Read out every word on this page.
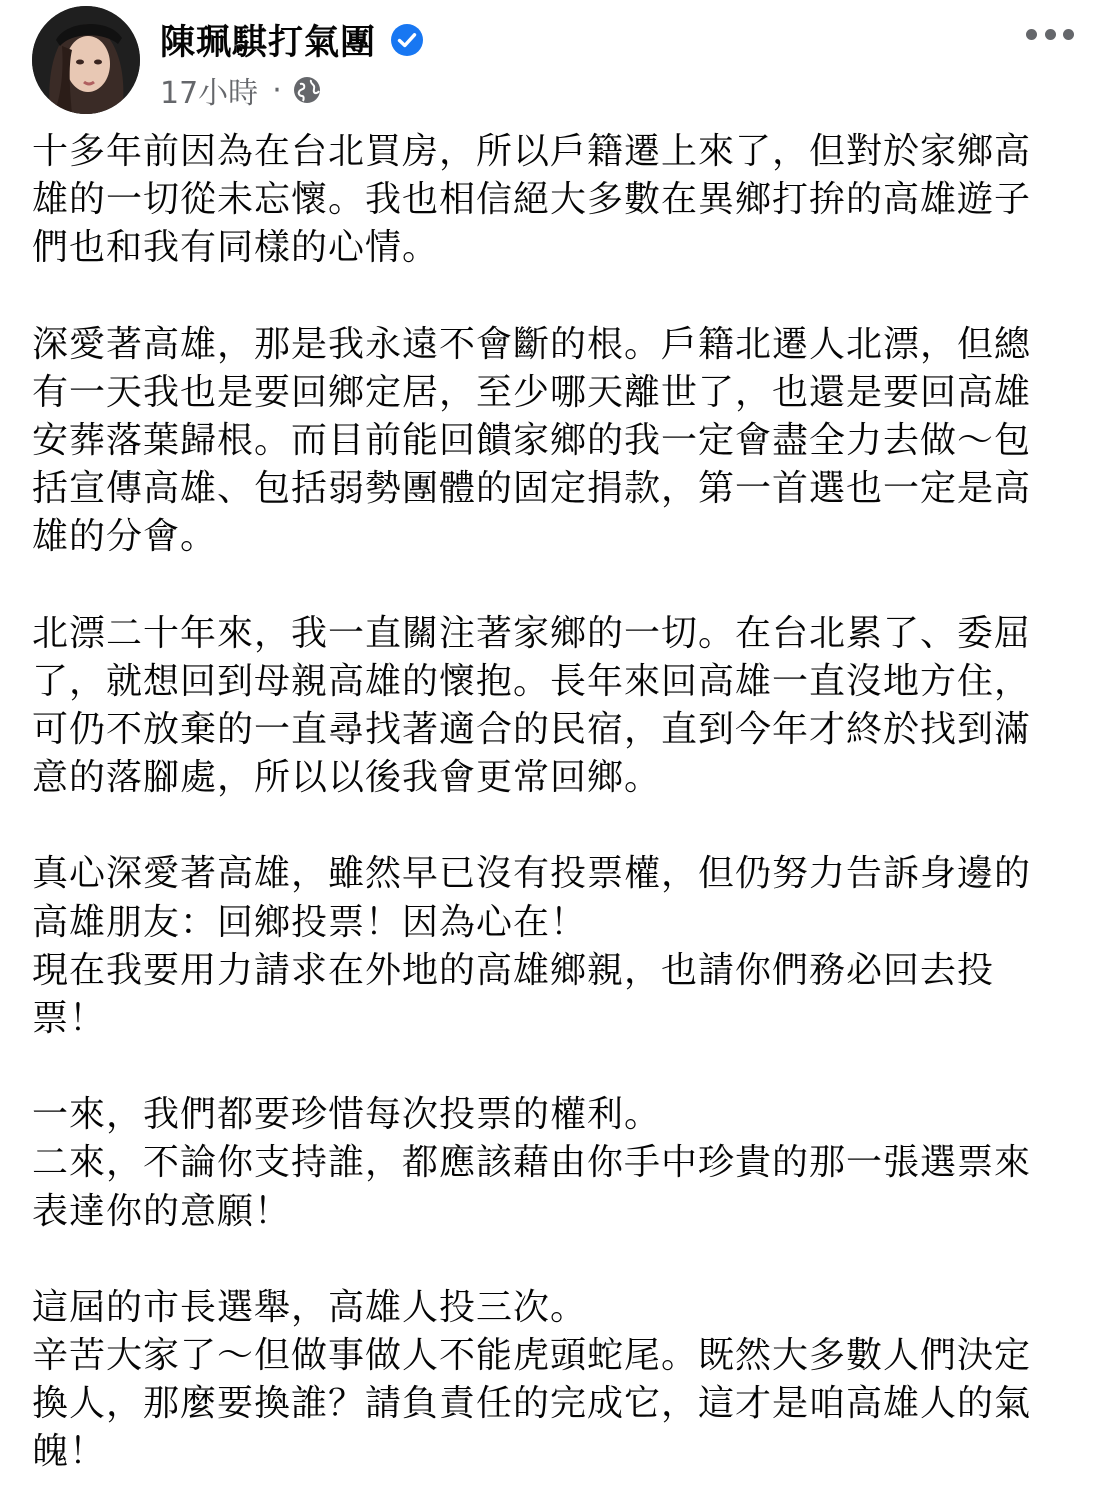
陳珮騏打氣團
17小時 ·
十多年前因為在台北買房，所以戶籍遷上來了，但對於家鄉高
雄的一切從未忘懷。我也相信絕大多數在異鄉打拚的高雄遊子
們也和我有同樣的心情。
深愛著高雄，那是我永遠不會斷的根。戶籍北遷人北漂，但總
有一天我也是要回鄉定居，至少哪天離世了，也還是要回高雄
安葬落葉歸根。而目前能回饋家鄉的我一定會盡全力去做～包
括宣傳高雄、包括弱勢團體的固定捐款，第一首選也一定是高
雄的分會。
北漂二十年來，我一直關注著家鄉的一切。在台北累了、委屈
了，就想回到母親高雄的懷抱。長年來回高雄一直沒地方住，
可仍不放棄的一直尋找著適合的民宿，直到今年才終於找到滿
意的落腳處，所以以後我會更常回鄉。
真心深愛著高雄，雖然早已沒有投票權，但仍努力告訴身邊的
高雄朋友：回鄉投票！因為心在！
現在我要用力請求在外地的高雄鄉親，也請你們務必回去投
票！
一來，我們都要珍惜每次投票的權利。
二來，不論你支持誰，都應該藉由你手中珍貴的那一張選票來
表達你的意願！
這屆的市長選舉，高雄人投三次。
辛苦大家了～但做事做人不能虎頭蛇尾。既然大多數人們決定
換人，那麼要換誰？請負責任的完成它，這才是咱高雄人的氣
魄！
